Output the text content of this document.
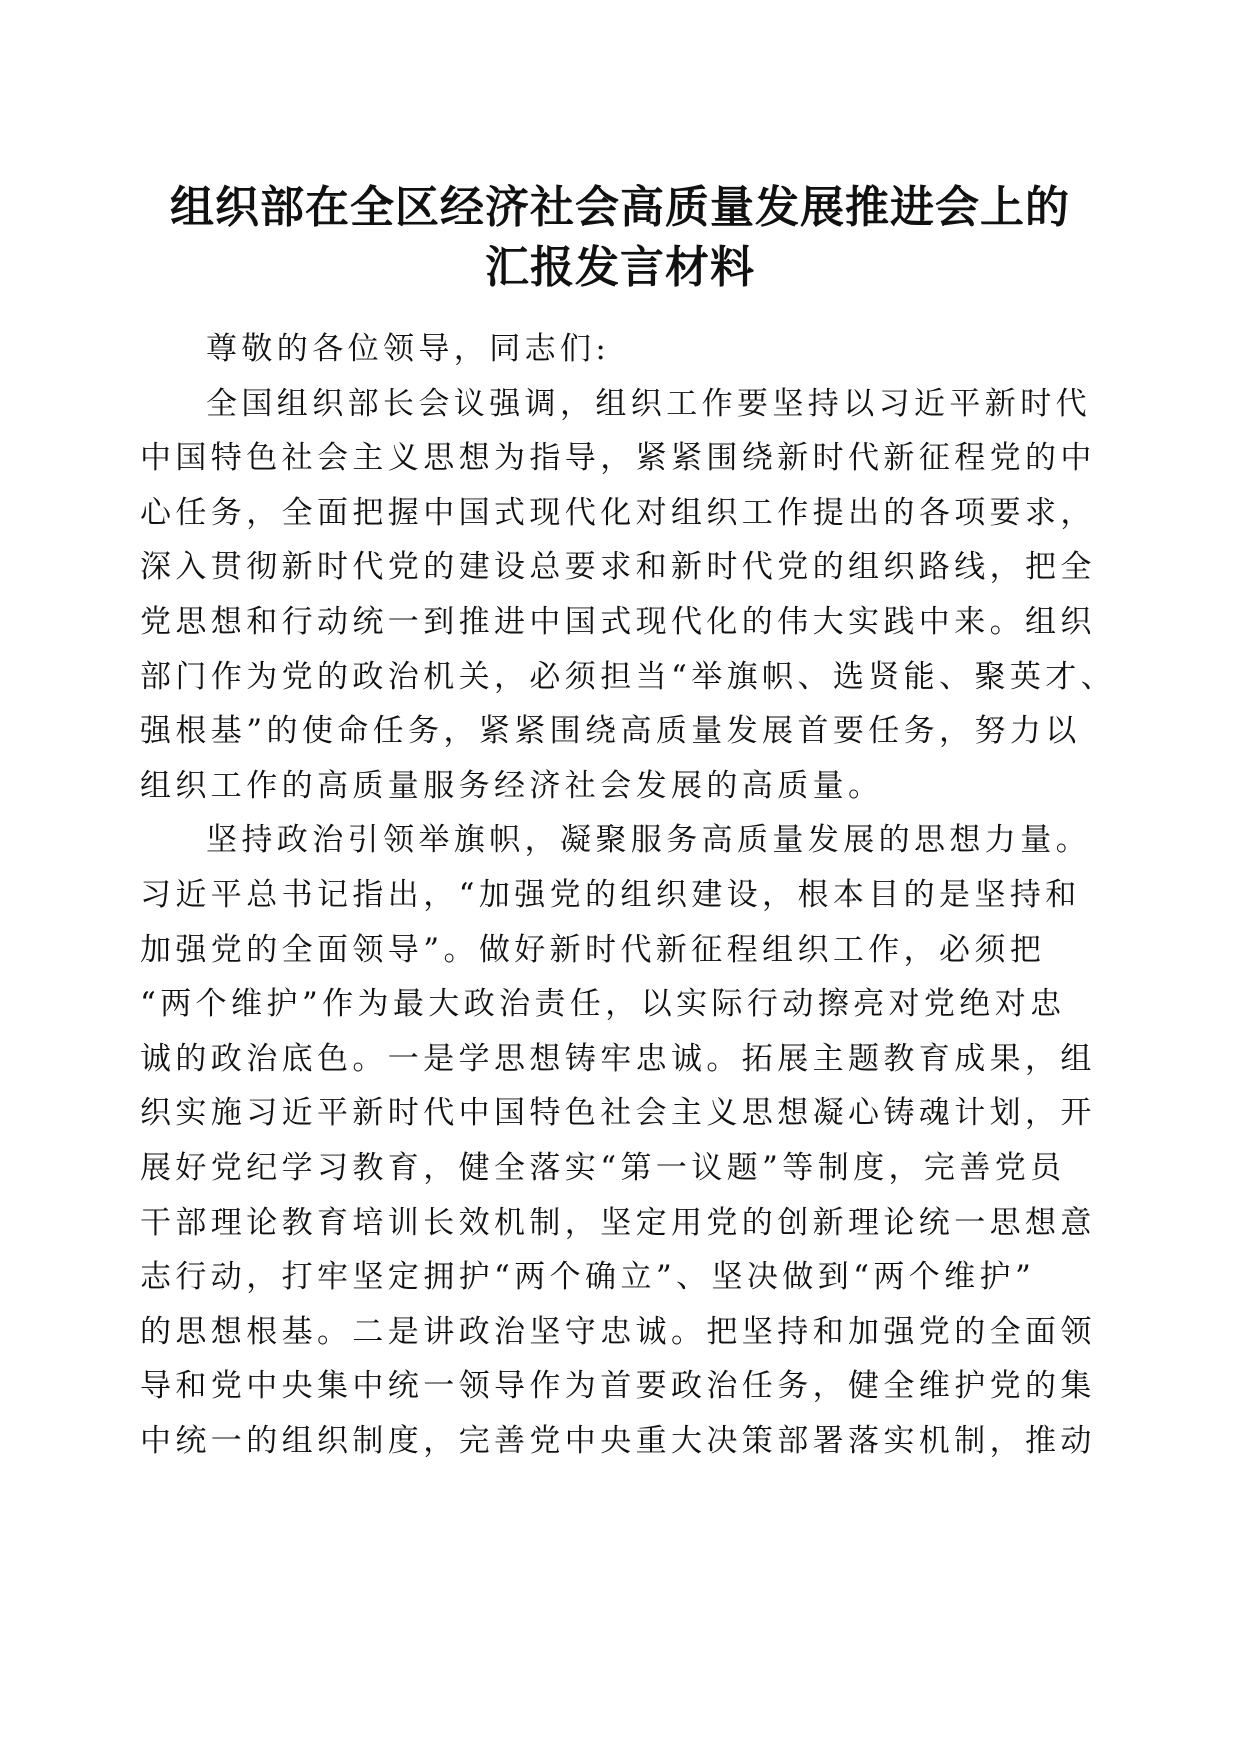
组织部在全区经济社会高质量发展推进会上的
汇报发言材料
尊敬的各位领导，同志们:
全国组织部长会议强调，组织工作要坚持以习近平新时代
中国特色社会主义思想为指导，紧紧围绕新时代新征程党的中
心任务，全面把握中国式现代化对组织工作提出的各项要求，
深入贯彻新时代党的建设总要求和新时代党的组织路线，把全
党思想和行动统一到推进中国式现代化的伟大实践中来。组织
部门作为党的政治机关，必须担当“举旗帜、选贤能、聚英才、
强根基”的使命任务，紧紧围绕高质量发展首要任务，努力以
组织工作的高质量服务经济社会发展的高质量。
坚持政治引领举旗帜，凝聚服务高质量发展的思想力量。
习近平总书记指出，“加强党的组织建设，根本目的是坚持和
加强党的全面领导”。做好新时代新征程组织工作，必须把
“两个维护”作为最大政治责任，以实际行动擦亮对党绝对忠
诚的政治底色。一是学思想铸牢忠诚。拓展主题教育成果，组
织实施习近平新时代中国特色社会主义思想凝心铸魂计划，开
展好党纪学习教育，健全落实“第一议题”等制度，完善党员
干部理论教育培训长效机制，坚定用党的创新理论统一思想意
志行动，打牢坚定拥护“两个确立”、坚决做到“两个维护”
的思想根基。二是讲政治坚守忠诚。把坚持和加强党的全面领
导和党中央集中统一领导作为首要政治任务，健全维护党的集
中统一的组织制度，完善党中央重大决策部署落实机制，推动
